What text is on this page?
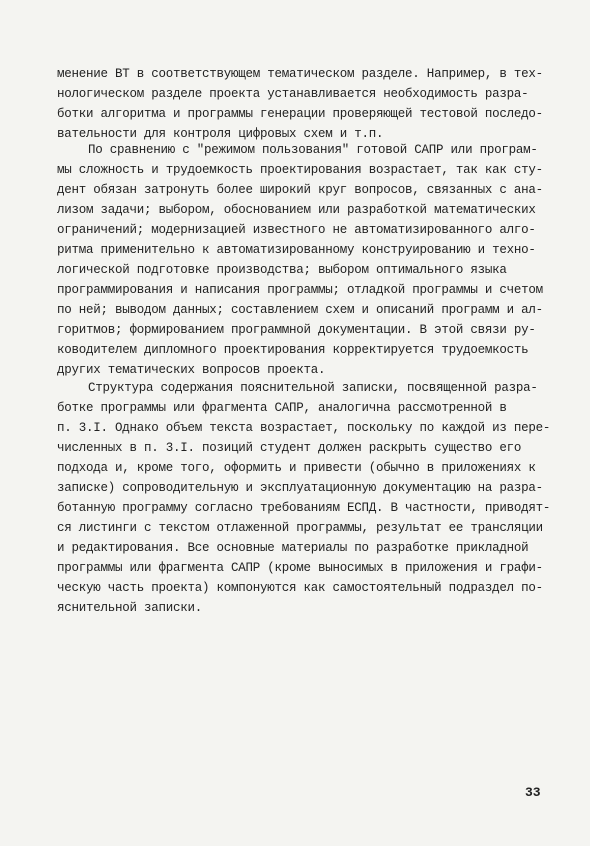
менение ВТ в соответствующем тематическом разделе. Например, в тех-
нологическом разделе проекта устанавливается необходимость разра-
ботки алгоритма и программы генерации проверяющей тестовой последо-
вательности для контроля цифровых схем и т.п.
По сравнению с "режимом пользования" готовой САПР или програм-
мы сложность и трудоемкость проектирования возрастает, так как сту-
дент обязан затронуть более широкий круг вопросов, связанных с ана-
лизом задачи; выбором, обоснованием или разработкой математических
ограничений; модернизацией известного не автоматизированного алго-
ритма применительно к автоматизированному конструированию и техно-
логической подготовке производства; выбором оптимального языка
программирования и написания программы; отладкой программы и счетом
по ней; выводом данных; составлением схем и описаний программ и ал-
горитмов; формированием программной документации. В этой связи ру-
ководителем дипломного проектирования корректируется трудоемкость
других тематических вопросов проекта.
Структура содержания пояснительной записки, посвященной разра-
ботке программы или фрагмента САПР, аналогична рассмотренной в
п. 3.I. Однако объем текста возрастает, поскольку по каждой из пере-
численных в п. 3.I. позиций студент должен раскрыть существо его
подхода и, кроме того, оформить и привести (обычно в приложениях к
записке) сопроводительную и эксплуатационную документацию на разра-
ботанную программу согласно требованиям ЕСПД. В частности, приводят-
ся листинги с текстом отлаженной программы, результат ее трансляции
и редактирования. Все основные материалы по разработке прикладной
программы или фрагмента САПР (кроме выносимых в приложения и графи-
ческую часть проекта) компонуются как самостоятельный подраздел по-
яснительной записки.
33
